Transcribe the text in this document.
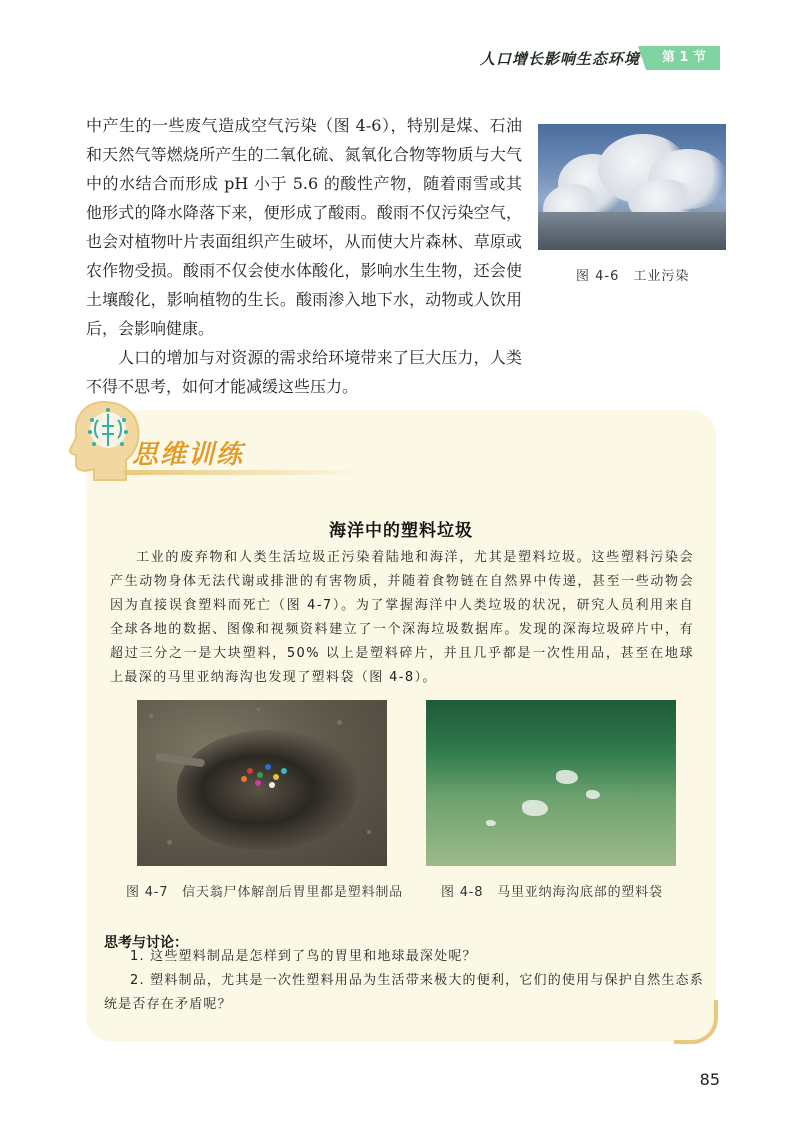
人口增长影响生态环境	第 1 节

中产生的一些废气造成空气污染（图 4-6），特别是煤、石油和天然气等燃烧所产生的二氧化硫、氮氧化合物等物质与大气中的水结合而形成 pH 小于 5.6 的酸性产物，随着雨雪或其他形式的降水降落下来，便形成了酸雨。酸雨不仅污染空气，也会对植物叶片表面组织产生破坏，从而使大片森林、草原或农作物受损。酸雨不仅会使水体酸化，影响水生生物，还会使土壤酸化，影响植物的生长。酸雨渗入地下水，动物或人饮用后，会影响健康。

人口的增加与对资源的需求给环境带来了巨大压力，人类不得不思考，如何才能减缓这些压力。

图 4-6　工业污染
思维训练
海洋中的塑料垃圾
工业的废弃物和人类生活垃圾正污染着陆地和海洋，尤其是塑料垃圾。这些塑料污染会产生动物身体无法代谢或排泄的有害物质，并随着食物链在自然界中传递，甚至一些动物会因为直接误食塑料而死亡（图 4-7）。为了掌握海洋中人类垃圾的状况，研究人员利用来自全球各地的数据、图像和视频资料建立了一个深海垃圾数据库。发现的深海垃圾碎片中，有超过三分之一是大块塑料，50% 以上是塑料碎片，并且几乎都是一次性用品，甚至在地球上最深的马里亚纳海沟也发现了塑料袋（图 4-8）。
图 4-7　信天翁尸体解剖后胃里都是塑料制品	图 4-8　马里亚纳海沟底部的塑料袋
思考与讨论：
1. 这些塑料制品是怎样到了鸟的胃里和地球最深处呢？
2. 塑料制品，尤其是一次性塑料用品为生活带来极大的便利，它们的使用与保护自然生态系统是否存在矛盾呢？
85
